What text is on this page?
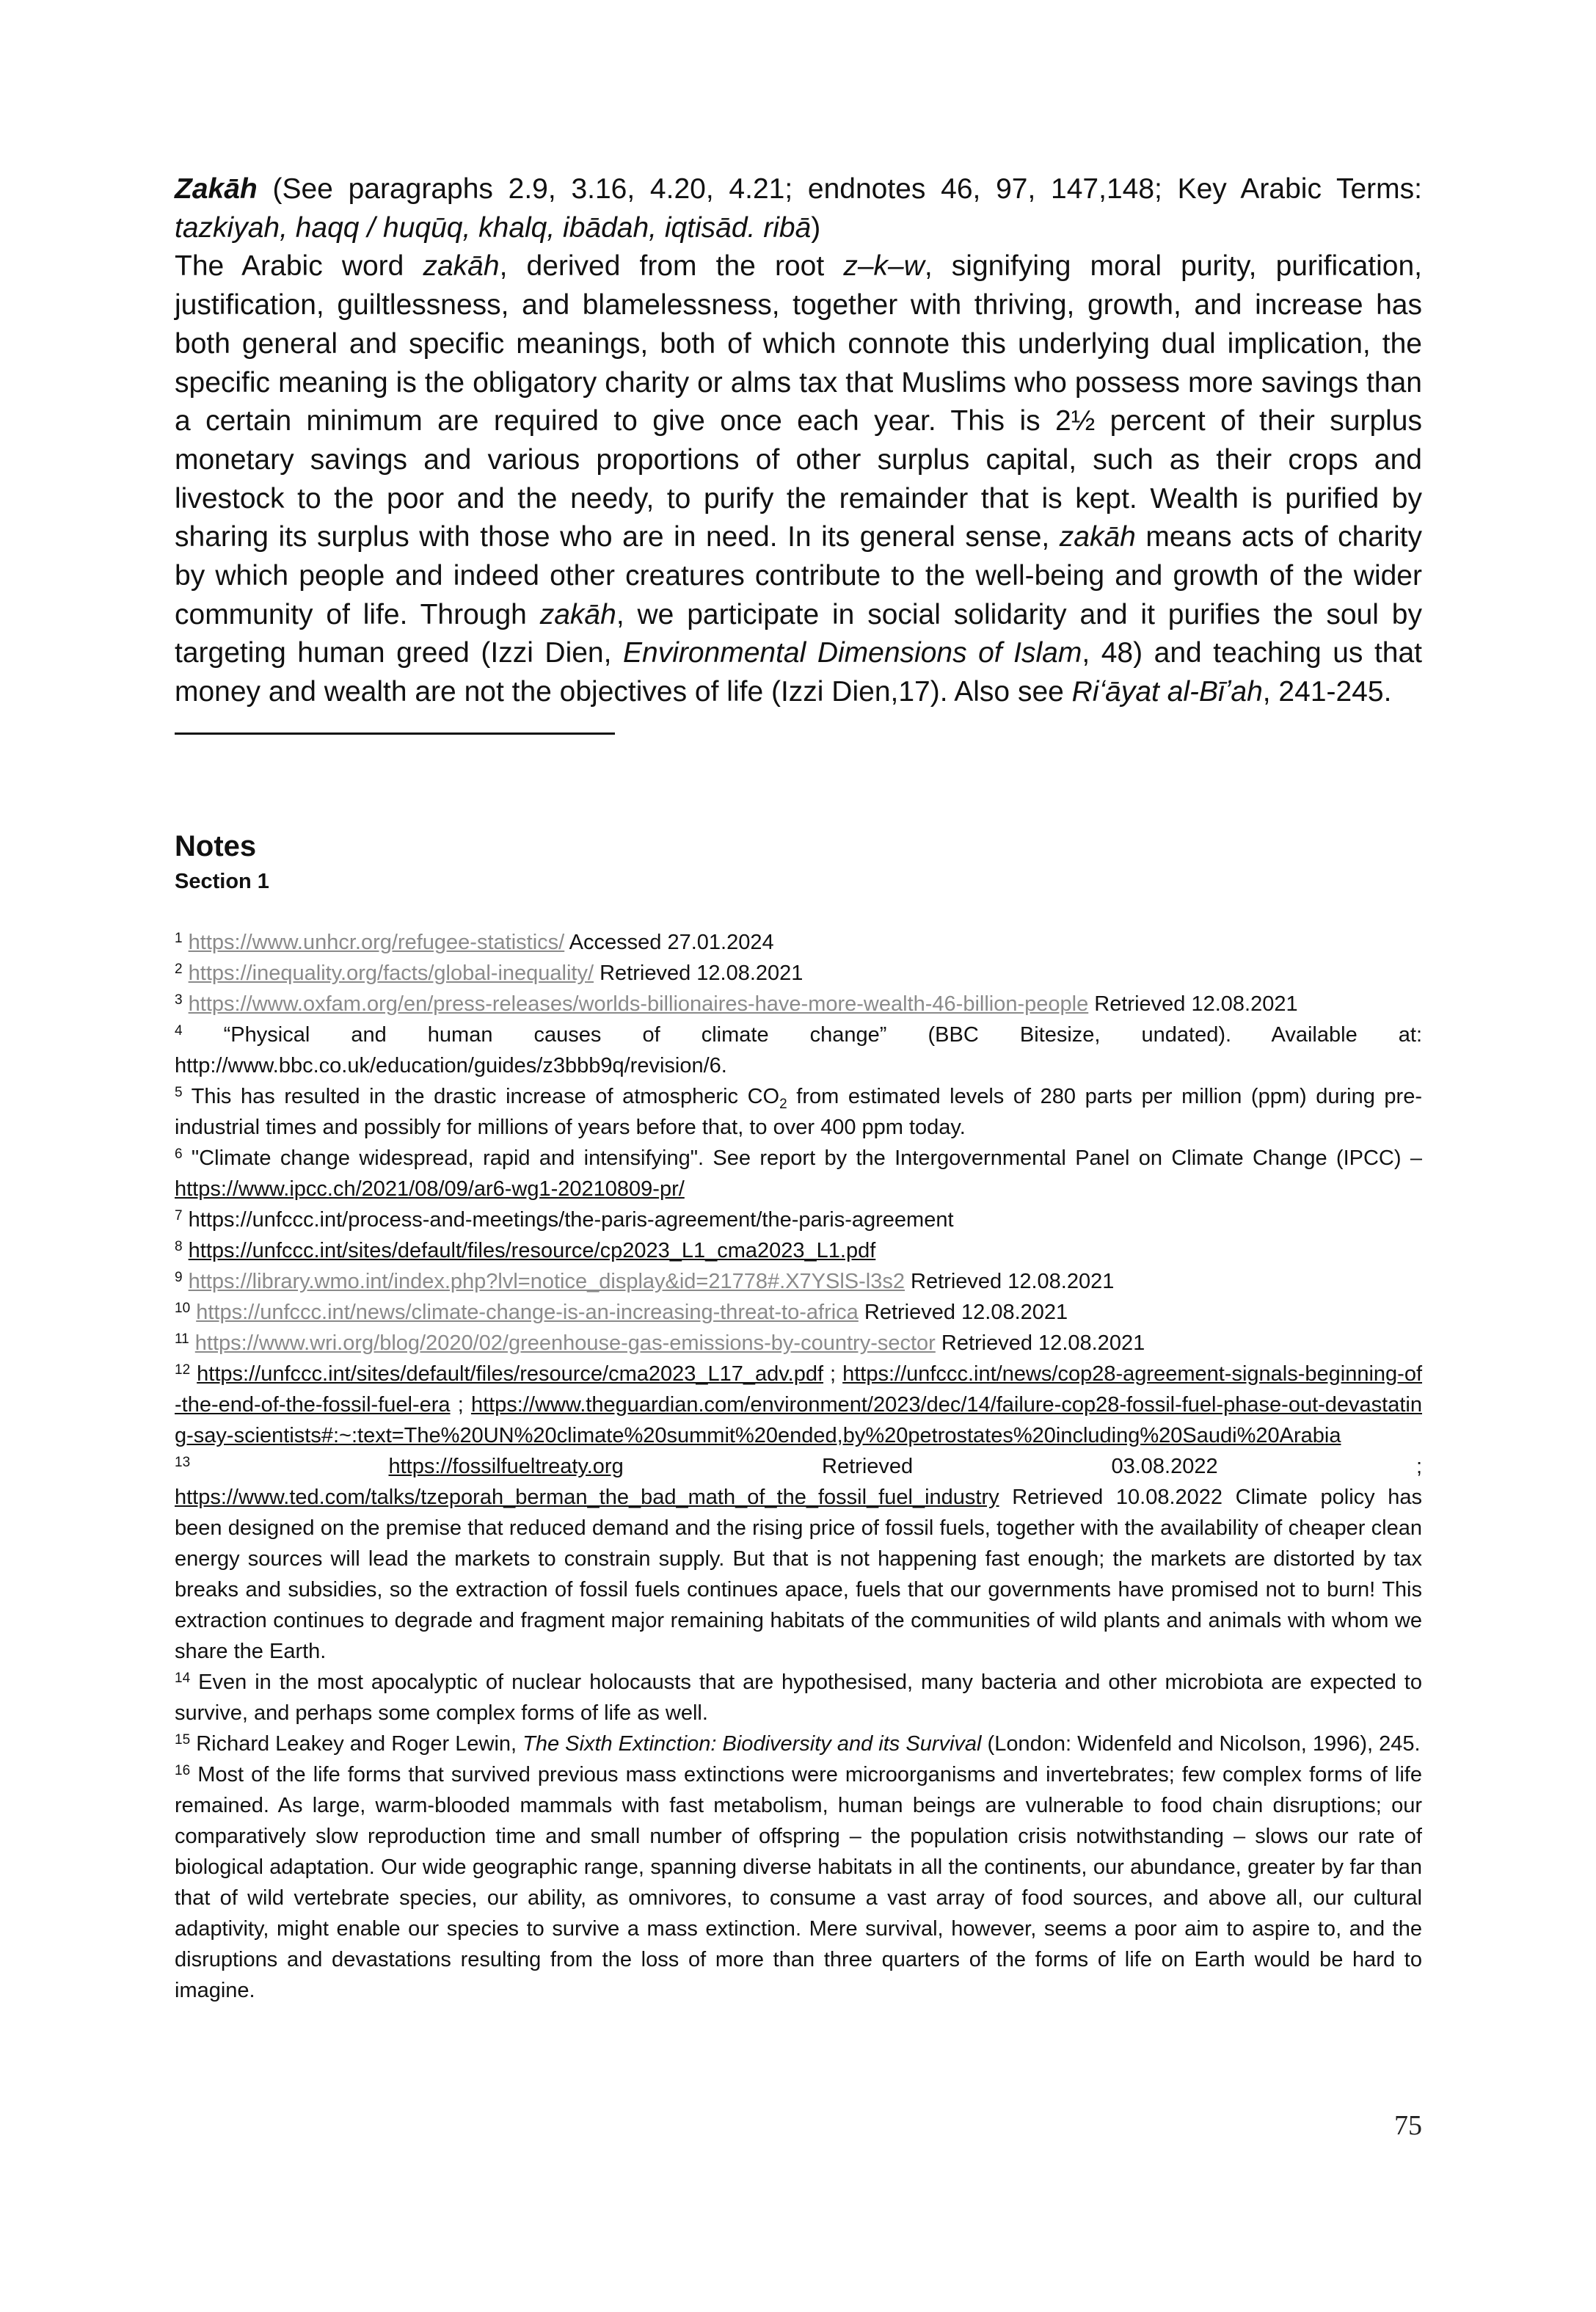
Zakāh (See paragraphs 2.9, 3.16, 4.20, 4.21; endnotes 46, 97, 147,148; Key Arabic Terms: tazkiyah, haqq / huqūq, khalq, ibādah, iqtisād. ribā)

The Arabic word zakāh, derived from the root z–k–w, signifying moral purity, purification, justification, guiltlessness, and blamelessness, together with thriving, growth, and increase has both general and specific meanings, both of which connote this underlying dual implication, the specific meaning is the obligatory charity or alms tax that Muslims who possess more savings than a certain minimum are required to give once each year. This is 2½ percent of their surplus monetary savings and various proportions of other surplus capital, such as their crops and livestock to the poor and the needy, to purify the remainder that is kept. Wealth is purified by sharing its surplus with those who are in need. In its general sense, zakāh means acts of charity by which people and indeed other creatures contribute to the well-being and growth of the wider community of life. Through zakāh, we participate in social solidarity and it purifies the soul by targeting human greed (Izzi Dien, Environmental Dimensions of Islam, 48) and teaching us that money and wealth are not the objectives of life (Izzi Dien,17). Also see Riʻāyat al-Bīʼah, 241-245.

Notes
Section 1

$^1$ https://www.unhcr.org/refugee-statistics/ Accessed 27.01.2024

$^2$ https://inequality.org/facts/global-inequality/ Retrieved 12.08.2021

$^3$ https://www.oxfam.org/en/press-releases/worlds-billionaires-have-more-wealth-46-billion-people Retrieved 12.08.2021

$^4$ “Physical and human causes of climate change” (BBC Bitesize, undated). Available at: http://www.bbc.co.uk/education/guides/z3bbb9q/revision/6.

$^5$ This has resulted in the drastic increase of atmospheric $CO_2$ from estimated levels of 280 parts per million (ppm) during pre-industrial times and possibly for millions of years before that, to over 400 ppm today.

$^6$ "Climate change widespread, rapid and intensifying". See report by the Intergovernmental Panel on Climate Change (IPCC) – https://www.ipcc.ch/2021/08/09/ar6-wg1-20210809-pr/

$^7$ https://unfccc.int/process-and-meetings/the-paris-agreement/the-paris-agreement

$^8$ https://unfccc.int/sites/default/files/resource/cp2023_L1_cma2023_L1.pdf

$^9$ https://library.wmo.int/index.php?lvl=notice_display&id=21778#.X7YSlS-l3s2 Retrieved 12.08.2021

$^{10}$ https://unfccc.int/news/climate-change-is-an-increasing-threat-to-africa Retrieved 12.08.2021

$^{11}$ https://www.wri.org/blog/2020/02/greenhouse-gas-emissions-by-country-sector Retrieved 12.08.2021

$^{12}$ https://unfccc.int/sites/default/files/resource/cma2023_L17_adv.pdf ; https://unfccc.int/news/cop28-agreement-signals-beginning-of-the-end-of-the-fossil-fuel-era ; https://www.theguardian.com/environment/2023/dec/14/failure-cop28-fossil-fuel-phase-out-devastating-say-scientists#:~:text=The%20UN%20climate%20summit%20ended,by%20petrostates%20including%20Saudi%20Arabia

$^{13}$	https://fossilfueltreaty.org Retrieved 03.08.2022 ; https://www.ted.com/talks/tzeporah_berman_the_bad_math_of_the_fossil_fuel_industry Retrieved 10.08.2022 Climate policy has been designed on the premise that reduced demand and the rising price of fossil fuels, together with the availability of cheaper clean energy sources will lead the markets to constrain supply. But that is not happening fast enough; the markets are distorted by tax breaks and subsidies, so the extraction of fossil fuels continues apace, fuels that our governments have promised not to burn! This extraction continues to degrade and fragment major remaining habitats of the communities of wild plants and animals with whom we share the Earth.

$^{14}$ Even in the most apocalyptic of nuclear holocausts that are hypothesised, many bacteria and other microbiota are expected to survive, and perhaps some complex forms of life as well.

$^{15}$ Richard Leakey and Roger Lewin, The Sixth Extinction: Biodiversity and its Survival (London: Widenfeld and Nicolson, 1996), 245.

$^{16}$ Most of the life forms that survived previous mass extinctions were microorganisms and invertebrates; few complex forms of life remained. As large, warm-blooded mammals with fast metabolism, human beings are vulnerable to food chain disruptions; our comparatively slow reproduction time and small number of offspring – the population crisis notwithstanding – slows our rate of biological adaptation. Our wide geographic range, spanning diverse habitats in all the continents, our abundance, greater by far than that of wild vertebrate species, our ability, as omnivores, to consume a vast array of food sources, and above all, our cultural adaptivity, might enable our species to survive a mass extinction. Mere survival, however, seems a poor aim to aspire to, and the disruptions and devastations resulting from the loss of more than three quarters of the forms of life on Earth would be hard to imagine.

75
